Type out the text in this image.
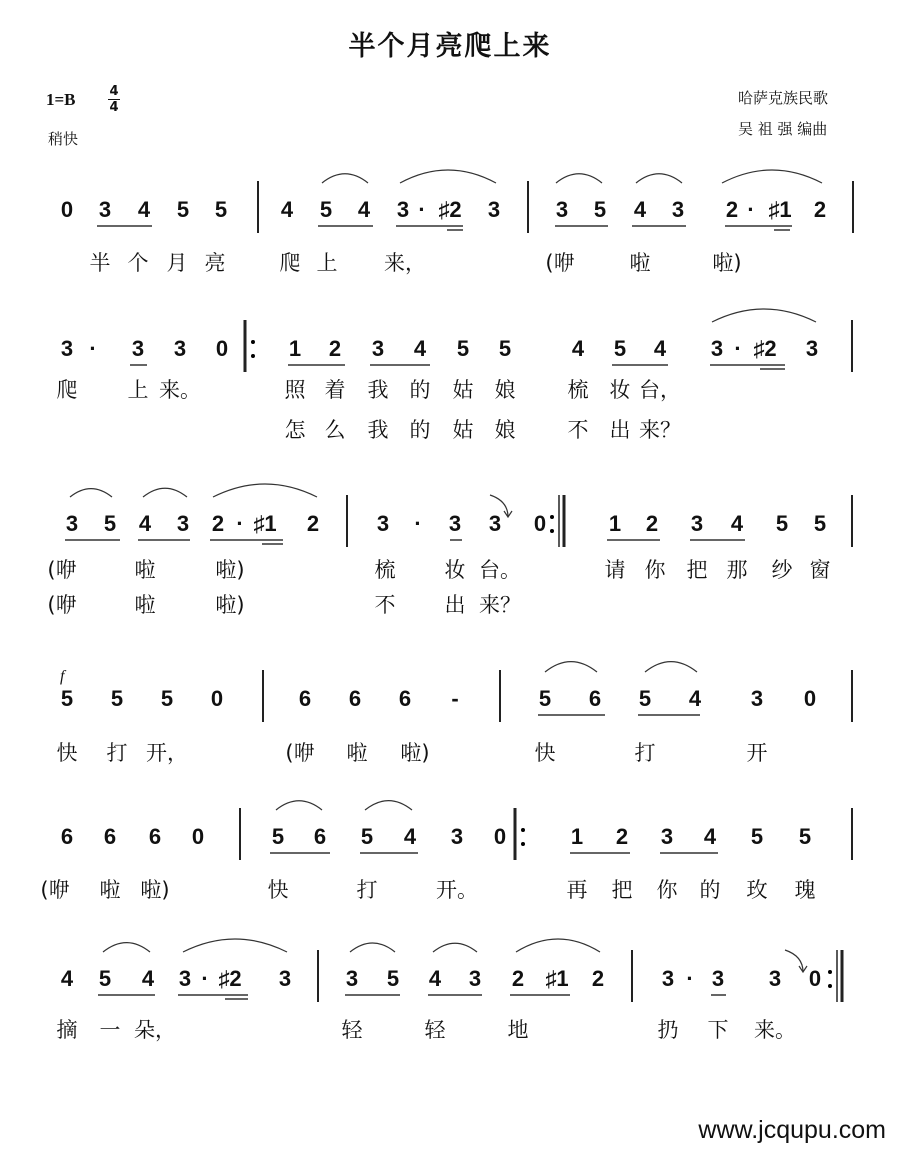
半个月亮爬上来
1=B	4
4
稍快
哈萨克族民歌
吴 祖 强 编曲
f
www.jcqupu.com
0 3 4 5 5 4 5 4 3 · ♯2 3	3 5 4 3 2 · ♯1 2
半 个 月 亮	爬 上 来，	(咿	啦	啦)
3 · 3 3 0	1 2 3 4 5 5	4 5 4 3 · ♯2 3
爬 上 来。	照 着 我 的 姑 娘 梳 妆 台，
怎 么 我 的 姑 娘 不 出 来？
3 5 4 3 2 · ♯1 2	3 · 3 3 0	1 2 3 4 5 5
(咿	啦	啦)	梳 妆 台。	请 你 把 那 纱 窗
(咿	啦	啦)	不 出 来？
5 5 5 0	6 6 6 -	5 6 5 4 3 0
快 打 开，	(咿 啦 啦)	快	打	开
6 6 6 0	5 6 5 4 3 0	1 2 3 4 5 5
(咿 啦 啦)	快	打	开。	再 把 你 的 玫 瑰
4 5 4 3 · ♯2 3 3 5 4 3 2 ♯1 2	3 · 3 3 0
摘 一 朵，	轻	轻	地	扔 下 来。
